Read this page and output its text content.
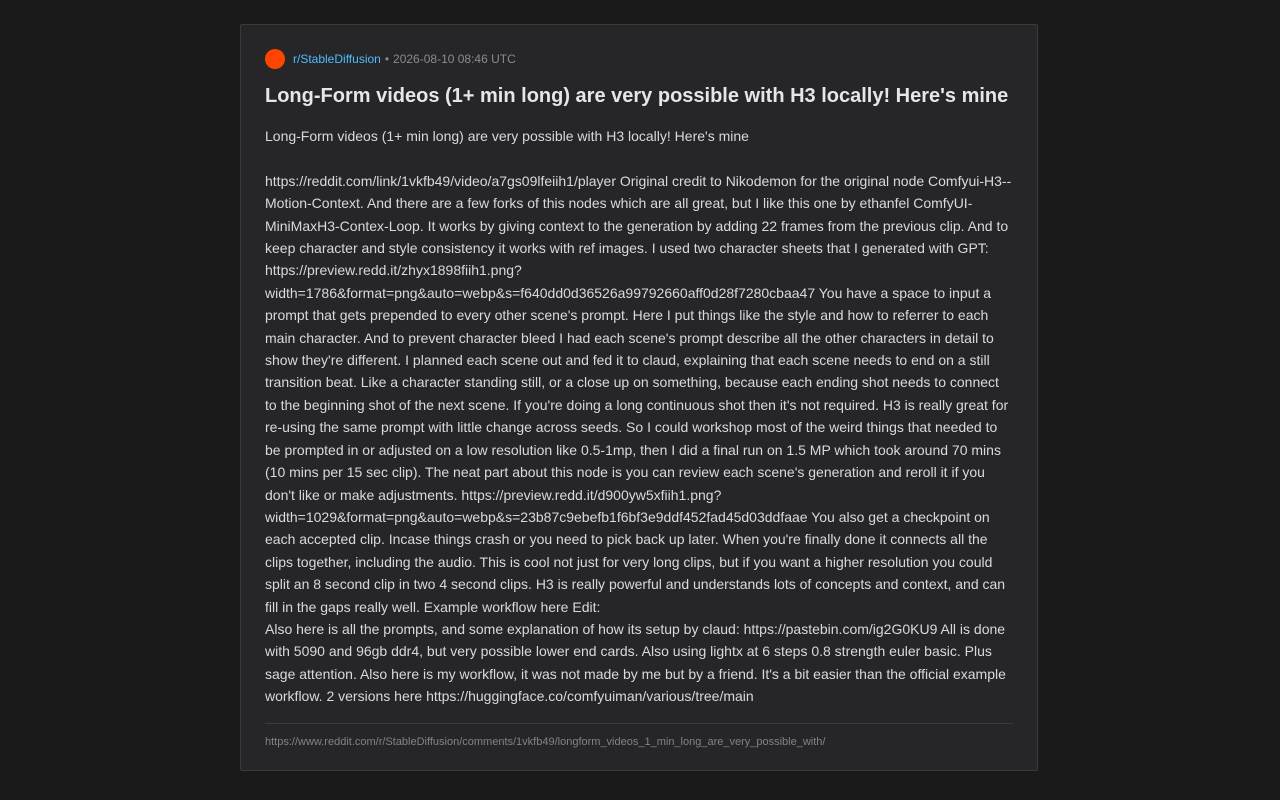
r/StableDiffusion • 2026-08-10 08:46 UTC
Long-Form videos (1+ min long) are very possible with H3 locally! Here's mine
Long-Form videos (1+ min long) are very possible with H3 locally! Here's mine

https://reddit.com/link/1vkfb49/video/a7gs09lfeiih1/player Original credit to Nikodemon for the original node Comfyui-H3--Motion-Context. And there are a few forks of this nodes which are all great, but I like this one by ethanfel ComfyUI-MiniMaxH3-Contex-Loop. It works by giving context to the generation by adding 22 frames from the previous clip. And to keep character and style consistency it works with ref images. I used two character sheets that I generated with GPT: https://preview.redd.it/zhyx1898fiih1.png?width=1786&format=png&auto=webp&s=f640dd0d36526a99792660aff0d28f7280cbaa47 You have a space to input a prompt that gets prepended to every other scene's prompt. Here I put things like the style and how to referrer to each main character. And to prevent character bleed I had each scene's prompt describe all the other characters in detail to show they're different. I planned each scene out and fed it to claud, explaining that each scene needs to end on a still transition beat. Like a character standing still, or a close up on something, because each ending shot needs to connect to the beginning shot of the next scene. If you're doing a long continuous shot then it's not required. H3 is really great for re-using the same prompt with little change across seeds. So I could workshop most of the weird things that needed to be prompted in or adjusted on a low resolution like 0.5-1mp, then I did a final run on 1.5 MP which took around 70 mins (10 mins per 15 sec clip). The neat part about this node is you can review each scene's generation and reroll it if you don't like or make adjustments. https://preview.redd.it/d900yw5xfiih1.png?width=1029&format=png&auto=webp&s=23b87c9ebefb1f6bf3e9ddf452fad45d03ddfaae You also get a checkpoint on each accepted clip. Incase things crash or you need to pick back up later. When you're finally done it connects all the clips together, including the audio. This is cool not just for very long clips, but if you want a higher resolution you could split an 8 second clip in two 4 second clips. H3 is really powerful and understands lots of concepts and context, and can fill in the gaps really well. Example workflow here Edit:
Also here is all the prompts, and some explanation of how its setup by claud: https://pastebin.com/ig2G0KU9 All is done with 5090 and 96gb ddr4, but very possible lower end cards. Also using lightx at 6 steps 0.8 strength euler basic. Plus sage attention. Also here is my workflow, it was not made by me but by a friend. It's a bit easier than the official example workflow. 2 versions here https://huggingface.co/comfyuiman/various/tree/main
https://www.reddit.com/r/StableDiffusion/comments/1vkfb49/longform_videos_1_min_long_are_very_possible_with/
